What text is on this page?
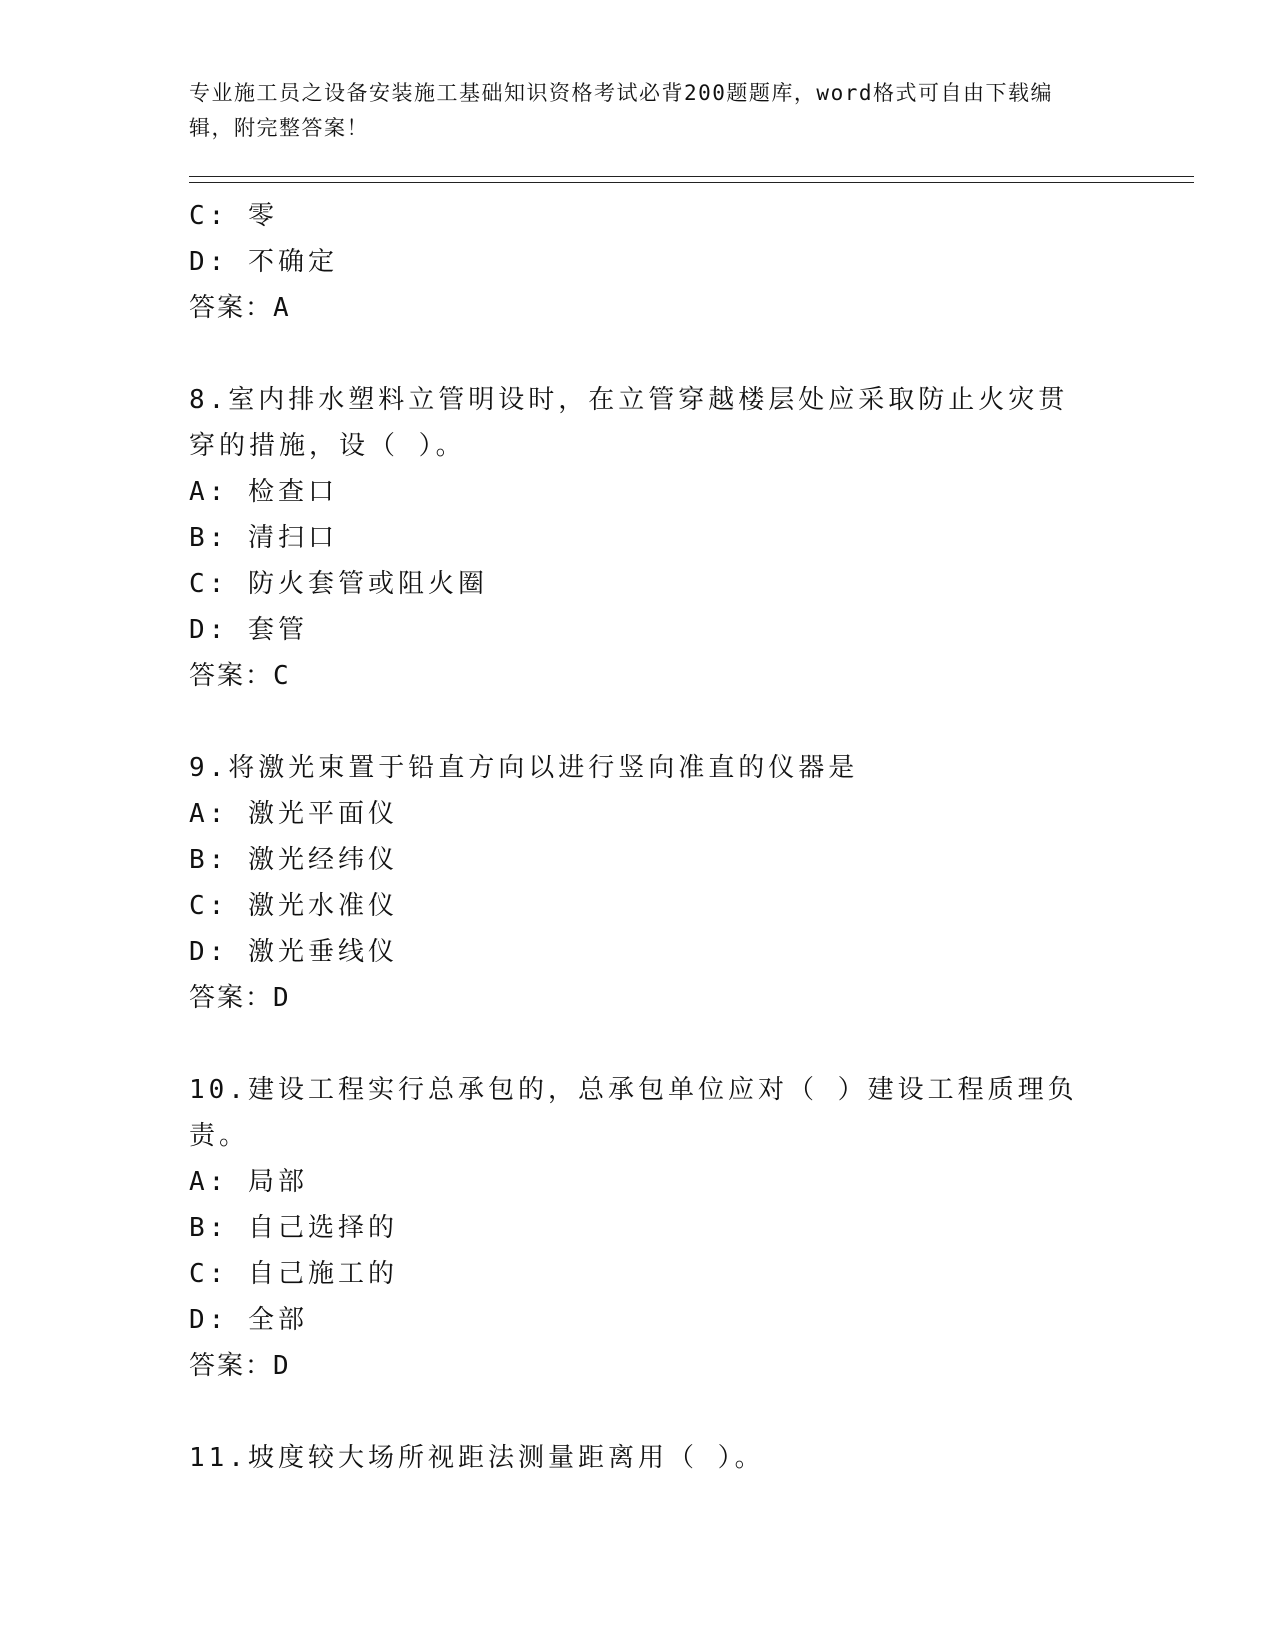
专业施工员之设备安装施工基础知识资格考试必背200题题库，word格式可自由下载编辑，附完整答案！
C: 零
D: 不确定
答案：A
8.室内排水塑料立管明设时，在立管穿越楼层处应采取防止火灾贯穿的措施，设（ ）。
A: 检查口
B: 清扫口
C: 防火套管或阻火圈
D: 套管
答案：C
9.将激光束置于铅直方向以进行竖向准直的仪器是
A: 激光平面仪
B: 激光经纬仪
C: 激光水准仪
D: 激光垂线仪
答案：D
10.建设工程实行总承包的，总承包单位应对（ ）建设工程质理负责。
A: 局部
B: 自己选择的
C: 自己施工的
D: 全部
答案：D
11.坡度较大场所视距法测量距离用（ ）。
